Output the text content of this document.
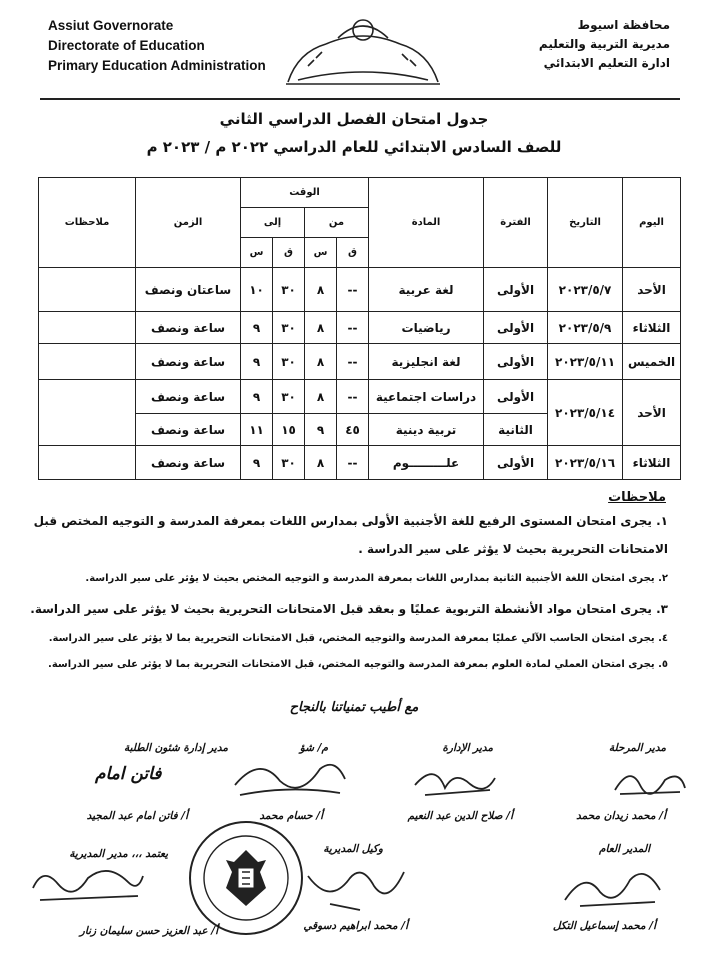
Assiut Governorate
Directorate of Education
Primary Education Administration
محافظة اسيوط
مديرية التربية والتعليم
ادارة التعليم الابتدائي
جدول امتحان الفصل الدراسي الثاني
للصف السادس الابتدائي للعام الدراسي ٢٠٢٢ م / ٢٠٢٣ م
اليوم	التاريخ	الفترة	المادة	الوقت				الزمن	ملاحظات
				من		إلى			
				ق	س	ق	س		
الأحد	٢٠٢٣/٥/٧	الأولى	لغة عربية	--	٨	٣٠	١٠	ساعتان ونصف	
الثلاثاء	٢٠٢٣/٥/٩	الأولى	رياضيات	--	٨	٣٠	٩	ساعة ونصف	
الخميس	٢٠٢٣/٥/١١	الأولى	لغة انجليزية	--	٨	٣٠	٩	ساعة ونصف	
الأحد	٢٠٢٣/٥/١٤	الأولى	دراسات اجتماعية	--	٨	٣٠	٩	ساعة ونصف	
		الثانية	تربية دينية	٤٥	٩	١٥	١١	ساعة ونصف	
الثلاثاء	٢٠٢٣/٥/١٦	الأولى	علـــــــــوم	--	٨	٣٠	٩	ساعة ونصف	
ملاحظات
١. يجرى امتحان المستوى الرفيع للغة الأجنبية الأولى بمدارس اللغات بمعرفة المدرسة و التوجيه المختص قبل
الامتحانات التحريرية بحيث لا يؤثر على سير الدراسة .
٢. يجرى امتحان اللغة الأجنبية الثانية بمدارس اللغات بمعرفة المدرسة و التوجيه المختص بحيث لا يؤثر على سير الدراسة.
٣. يجرى امتحان مواد الأنشطة التربوية عمليًا و بعقد قبل الامتحانات التحريرية بحيث لا يؤثر على سير الدراسة.
٤. يجرى امتحان الحاسب الآلي عمليًا بمعرفة المدرسة والتوجيه المختص، قبل الامتحانات التحريرية بما لا يؤثر على سير الدراسة.
٥. يجرى امتحان العملي لمادة العلوم بمعرفة المدرسة والتوجيه المختص، قبل الامتحانات التحريرية بما لا يؤثر على سير الدراسة.
مع أطيب تمنياتنا بالنجاح
مدير المرحلة
مدير الإدارة
م/ شؤ
مدير إدارة شئون الطلبة
فاتن امام
أ/ محمد زيدان محمد
أ/ صلاح الدين عبد النعيم
أ/ حسام محمد
أ/ فاتن امام عبد المجيد
المدير العام
وكيل المديرية
يعتمد ،،، مدير المديرية
أ/ محمد إسماعيل التكل
أ/ محمد ابراهيم دسوقي
أ/ عبد العزيز حسن سليمان زنار
